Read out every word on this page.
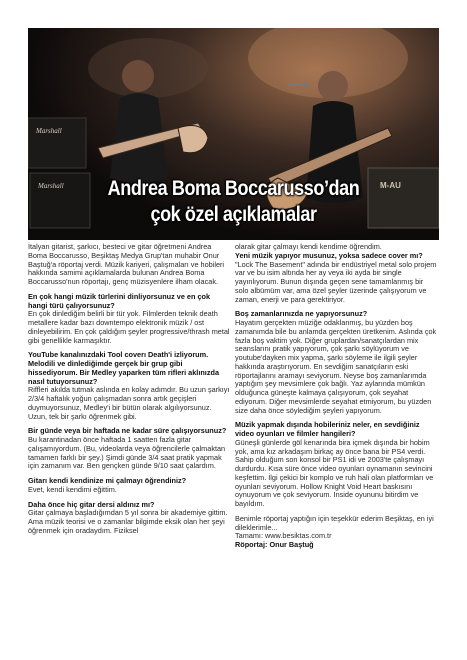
Marshall
Marshall	M-AU
Andrea Boma Boccarusso’dan
çok özel açıklamalar

İtalyan gitarist, şarkıcı, besteci ve gitar öğretmeni Andrea Boma Boccarusso, Beşiktaş Medya Grup'tan muhabir Onur Baştuğ'a röportaj verdi. Müzik kariyeri, çalışmaları ve hobileri hakkında samimi açıklamalarda bulunan Andrea Boma Boccarusso'nun röportajı, genç müzisyenlere ilham olacak.

En çok hangi müzik türlerini dinliyorsunuz ve en çok hangi türü çalıyorsunuz?
En çok dinlediğim belirli bir tür yok. Filmlerden teknik death metallere kadar bazı downtempo elektronik müzik / ost dinleyebilirim. En çok çaldığım şeyler progressive/thrash metal gibi genellikle karmaşıktır.

YouTube kanalınızdaki Tool coverı Death'i izliyorum. Melodili ve dinlediğimde gerçek bir grup gibi hissediyorum. Bir Medley yaparken tüm rifleri aklınızda nasıl tutuyorsunuz?
Riffleri akılda tutmak aslında en kolay adımdır. Bu uzun şarkıyı 2/3/4 haftalık yoğun çalışmadan sonra artık geçişleri duymuyorsunuz, Medley'i bir bütün olarak algılıyorsunuz. Uzun, tek bir şarkı öğrenmek gibi.

Bir günde veya bir haftada ne kadar süre çalışıyorsunuz?
Bu karantinadan önce haftada 1 saatten fazla gitar çalışamıyordum. (Bu, videolarda veya öğrencilerle çalmaktan tamamen farklı bir şey.) Şimdi günde 3/4 saat pratik yapmak için zamanım var. Ben gençken günde 9/10 saat çalardım.

Gitarı kendi kendinize mi çalmayı öğrendiniz?
Evet, kendi kendimi eğittim.

Daha önce hiç gitar dersi aldınız mı?
Gitar çalmaya başladığımdan 5 yıl sonra bir akademiye gittim. Ama müzik teorisi ve o zamanlar bilgimde eksik olan her şeyi öğrenmek için oradaydım. Fiziksel

olarak gitar çalmayı kendi kendime öğrendim.

Yeni müzik yapıyor musunuz, yoksa sadece cover mı?
"Lock The Basement" adında bir endüstriyel metal solo projem var ve bu isim altında her ay veya iki ayda bir single yayınlıyorum. Bunun dışında geçen sene tamamlanmış bir solo albümüm var, ama özel şeyler üzerinde çalışıyorum ve zaman, enerji ve para gerektiriyor.

Boş zamanlarınızda ne yapıyorsunuz?
Hayatım gerçekten müziğe odaklanmış, bu yüzden boş zamanımda bile bu anlamda gerçekten üretkenim. Aslında çok fazla boş vaktim yok. Diğer gruplardan/sanatçılardan mix seanslarını pratik yapıyorum, çok şarkı söylüyorum ve youtube'dayken mix yapma, şarkı söyleme ile ilgili şeyler hakkında araştırıyorum. En sevdiğim sanatçıların eski röportajlarını aramayı seviyorum. Neyse boş zamanlarımda yaptığım şey mevsimlere çok bağlı. Yaz aylarında mümkün olduğunca güneşte kalmaya çalışıyorum, çok seyahat ediyorum. Diğer mevsimlerde seyahat etmiyorum, bu yüzden size daha önce söylediğim şeyleri yapıyorum.

Müzik yapmak dışında hobileriniz neler, en sevdiğiniz video oyunları ve filmler hangileri?
Güneşli günlerde göl kenarında bira içmek dışında bir hobim yok, ama kız arkadaşım birkaç ay önce bana bir PS4 verdi. Sahip olduğum son konsol bir PS1 idi ve 2003'te çalışmayı durdurdu. Kısa süre önce video oyunları oynamanın sevincini keşfettim. İlgi çekici bir komplo ve ruh hali olan platformları ve oyunları seviyorum. Hollow Knight Void Heart baskısını oynuyorum ve çok seviyorum. Inside oyununu bitirdim ve bayıldım.

Benimle röportaj yaptığın için teşekkür ederim Beşiktaş, en iyi dileklerimle...

Tamamı: www.besiktas.com.tr

Röportaj: Onur Baştuğ
